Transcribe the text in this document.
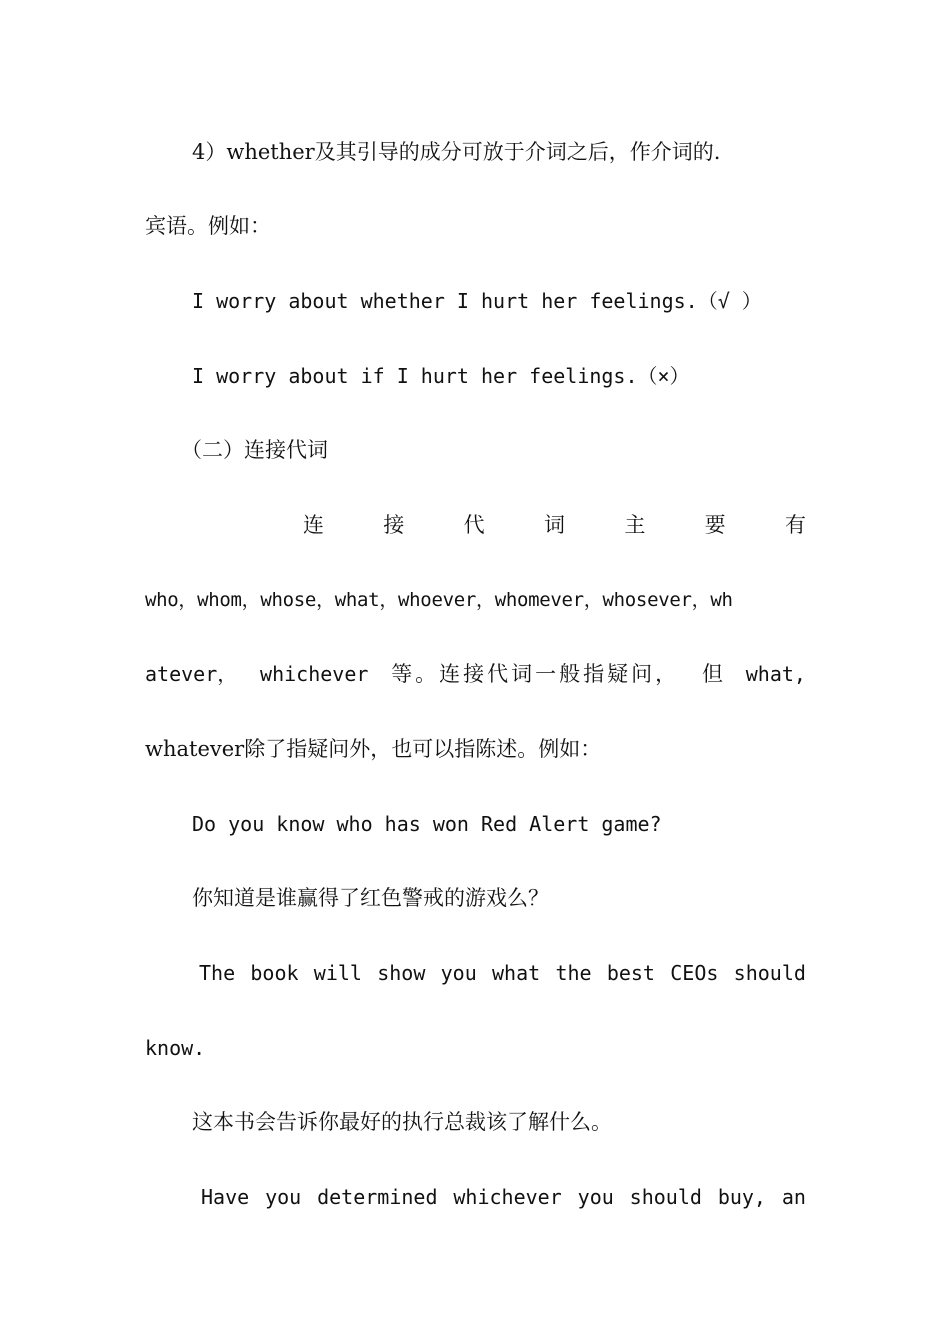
4）whether及其引导的成分可放于介词之后，作介词的.
宾语。例如：
I worry about whether I hurt her feelings.（√ ）
I worry about if I hurt her feelings.（×）
（二）连接代词
连	接	代	词	主	要	有
who，whom，whose，what，whoever，whomever，whosever，wh
atever， whichever 等。连接代词一般指疑问， 但 what,
whatever除了指疑问外，也可以指陈述。例如：
Do you know who has won Red Alert game?
你知道是谁赢得了红色警戒的游戏么？
The book will show you what the best CEOs should
know.
这本书会告诉你最好的执行总裁该了解什么。
Have you determined whichever you should buy, an
